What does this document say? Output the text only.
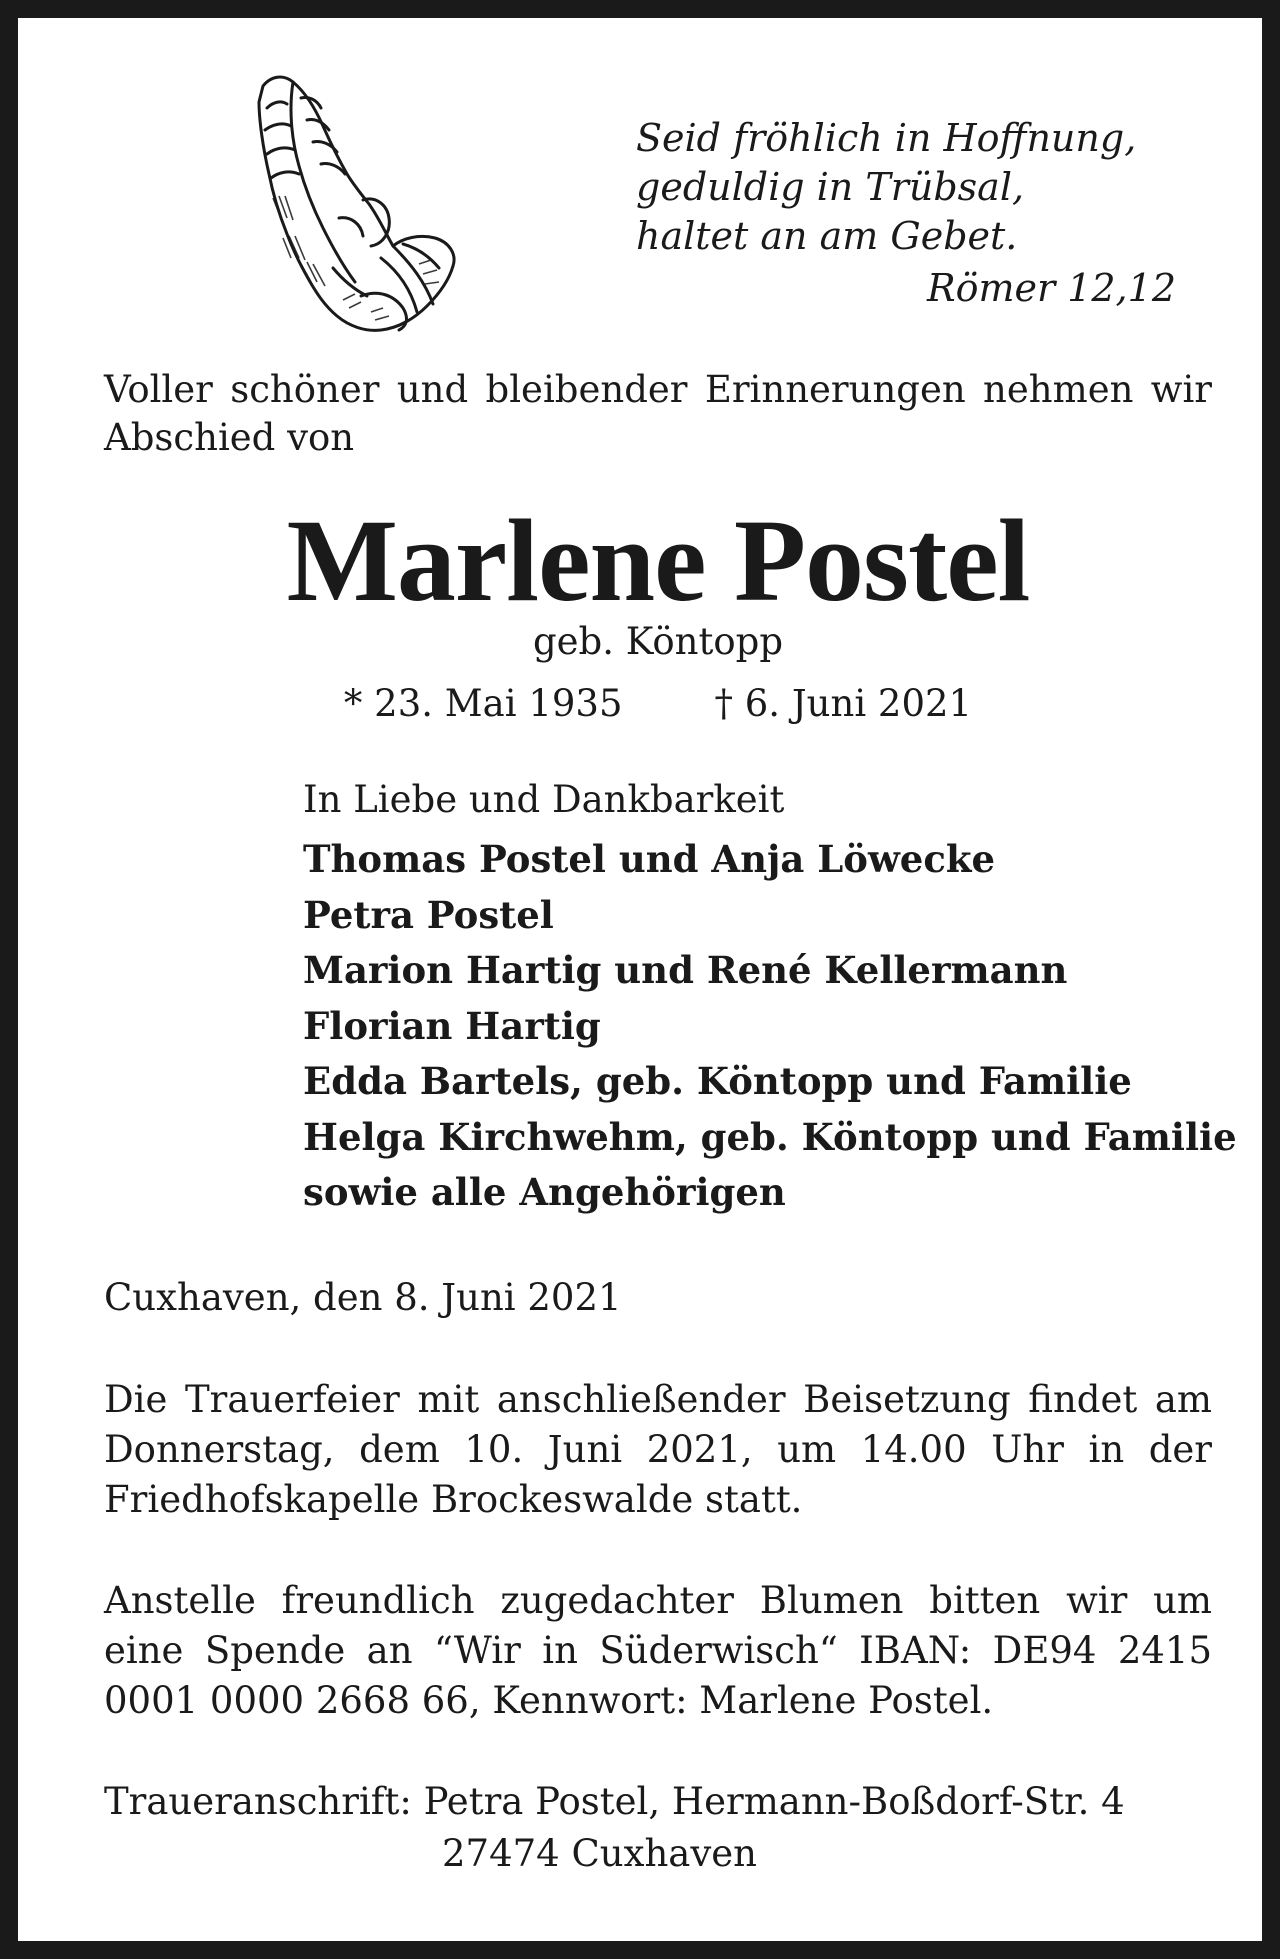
Seid fröhlich in Hoffnung,
geduldig in Trübsal,
haltet an am Gebet.
Römer 12,12
Voller schöner und bleibender Erinnerungen nehmen wir Abschied von
Marlene Postel
geb. Köntopp
* 23. Mai 1935 † 6. Juni 2021
In Liebe und Dankbarkeit
Thomas Postel und Anja Löwecke
Petra Postel
Marion Hartig und René Kellermann
Florian Hartig
Edda Bartels, geb. Köntopp und Familie
Helga Kirchwehm, geb. Köntopp und Familie
sowie alle Angehörigen
Cuxhaven, den 8. Juni 2021
Die Trauerfeier mit anschließender Beisetzung findet am Donnerstag, dem 10. Juni 2021, um 14.00 Uhr in der Friedhofskapelle Brockeswalde statt.
Anstelle freundlich zugedachter Blumen bitten wir um eine Spende an “Wir in Süderwisch“ IBAN: DE94 2415 0001 0000 2668 66, Kennwort: Marlene Postel.
Traueranschrift: Petra Postel, Hermann-Boßdorf-Str. 4
27474 Cuxhaven
